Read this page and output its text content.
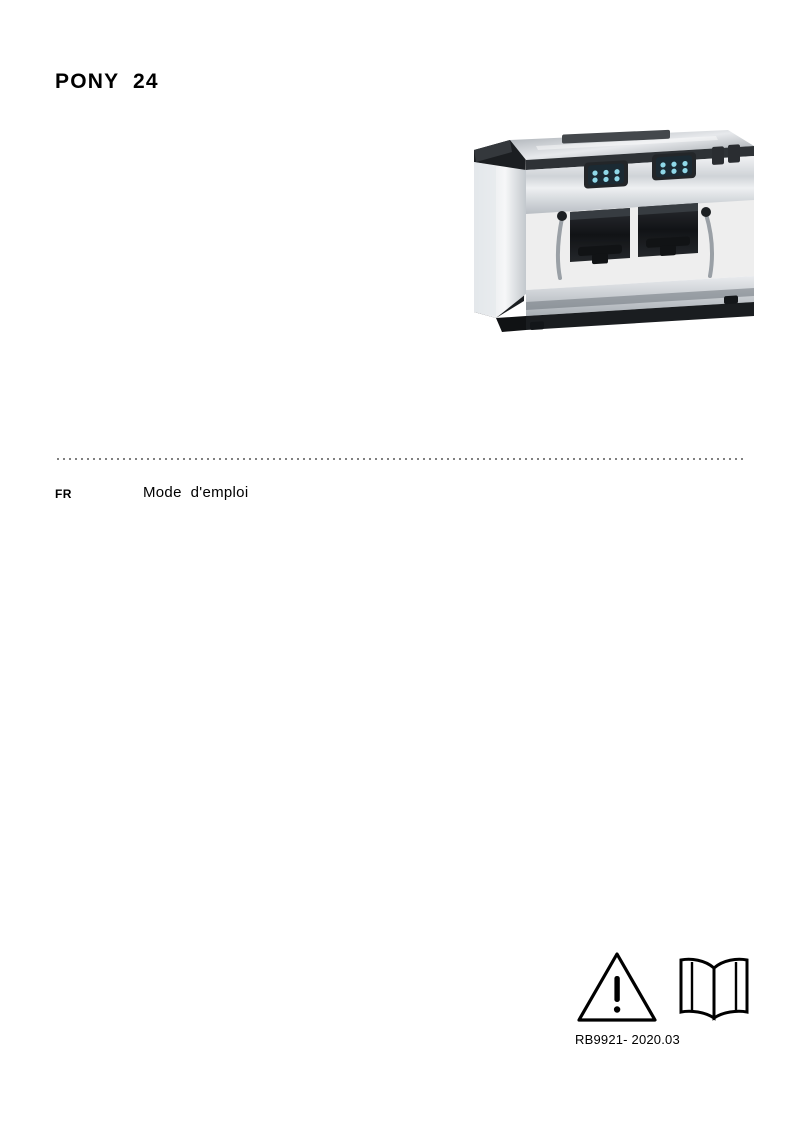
PONY  24
FR	Mode  d'emploi
RB9921- 2020.03
